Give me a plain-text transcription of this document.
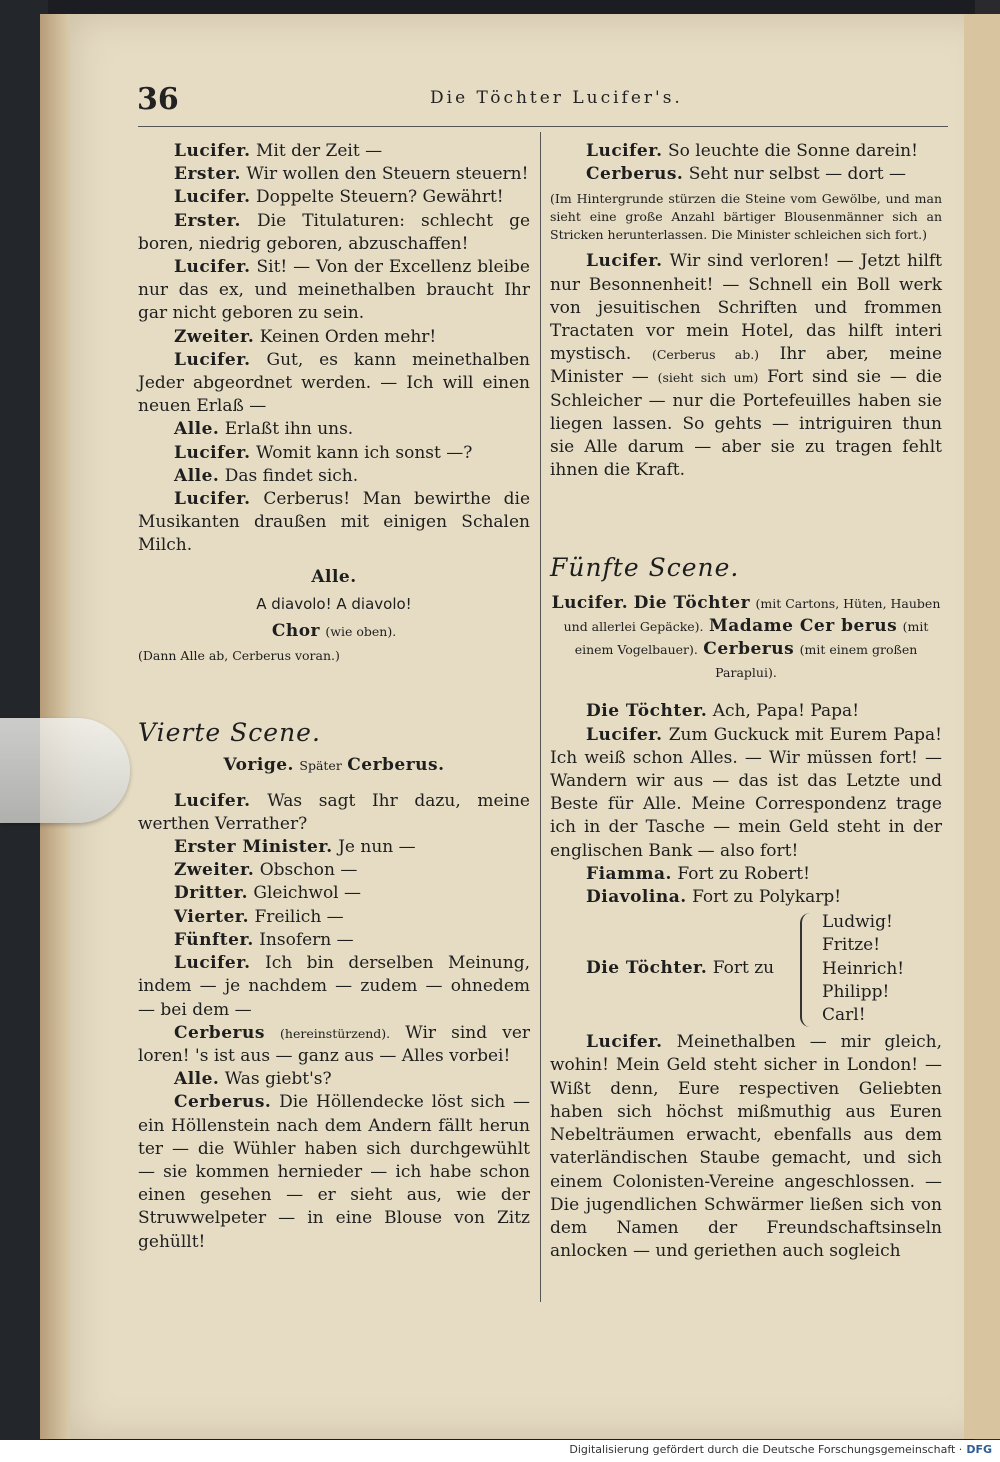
36	Die Töchter Lucifer's.

Lucifer. Mit der Zeit —

Erster. Wir wollen den Steuern steuern!

Lucifer. Doppelte Steuern? Gewährt!

Erster. Die Titulaturen: schlecht ge boren, niedrig geboren, abzuschaffen!

Lucifer. Sit! — Von der Excellenz bleibe nur das ex, und meinethalben braucht Ihr gar nicht geboren zu sein.

Zweiter. Keinen Orden mehr!

Lucifer. Gut, es kann meinethalben Jeder abgeordnet werden. — Ich will einen neuen Erlaß —

Alle. Erlaßt ihn uns.

Lucifer. Womit kann ich sonst —?

Alle. Das findet sich.

Lucifer. Cerberus! Man bewirthe die Musikanten draußen mit einigen Schalen Milch.

Alle.

A diavolo! A diavolo!

Chor (wie oben).

(Dann Alle ab, Cerberus voran.)

Vierte Scene.

Vorige. Später Cerberus.

Lucifer. Was sagt Ihr dazu, meine werthen Verrather?

Erster Minister. Je nun —

Zweiter. Obschon —

Dritter. Gleichwol —

Vierter. Freilich —

Fünfter. Insofern —

Lucifer. Ich bin derselben Meinung, indem — je nachdem — zudem — ohnedem — bei dem —

Cerberus (hereinstürzend). Wir sind ver loren! 's ist aus — ganz aus — Alles vorbei!

Alle. Was giebt's?

Cerberus. Die Höllendecke löst sich — ein Höllenstein nach dem Andern fällt herun ter — die Wühler haben sich durchgewühlt — sie kommen hernieder — ich habe schon einen gesehen — er sieht aus, wie der Struwwelpeter — in eine Blouse von Zitz gehüllt!

Lucifer. So leuchte die Sonne darein!

Cerberus. Seht nur selbst — dort —

(Im Hintergrunde stürzen die Steine vom Gewölbe, und man sieht eine große Anzahl bärtiger Blousenmänner sich an Stricken herunterlassen. Die Minister schleichen sich fort.)

Lucifer. Wir sind verloren! — Jetzt hilft nur Besonnenheit! — Schnell ein Boll werk von jesuitischen Schriften und frommen Tractaten vor mein Hotel, das hilft interi mystisch. (Cerberus ab.) Ihr aber, meine Minister — (sieht sich um) Fort sind sie — die Schleicher — nur die Portefeuilles haben sie liegen lassen. So gehts — intriguiren thun sie Alle darum — aber sie zu tragen fehlt ihnen die Kraft.

Fünfte Scene.

Lucifer. Die Töchter (mit Cartons, Hüten, Hauben und allerlei Gepäcke). Madame Cer berus (mit einem Vogelbauer). Cerberus (mit einem großen Paraplui).

Die Töchter. Ach, Papa! Papa!

Lucifer. Zum Guckuck mit Eurem Papa! Ich weiß schon Alles. — Wir müssen fort! — Wandern wir aus — das ist das Letzte und Beste für Alle. Meine Correspondenz trage ich in der Tasche — mein Geld steht in der englischen Bank — also fort!

Fiamma. Fort zu Robert!

Diavolina. Fort zu Polykarp!

Die Töchter. Fort zu
Ludwig!
Fritze!
Heinrich!
Philipp!
Carl!

Lucifer. Meinethalben — mir gleich, wohin! Mein Geld steht sicher in London! — Wißt denn, Eure respectiven Geliebten haben sich höchst mißmuthig aus Euren Nebelträumen erwacht, ebenfalls aus dem vaterländischen Staube gemacht, und sich einem Colonisten-Vereine angeschlossen. — Die jugendlichen Schwärmer ließen sich von dem Namen der Freundschaftsinseln anlocken — und geriethen auch sogleich

Digitalisierung gefördert durch die Deutsche Forschungsgemeinschaft · DFG
